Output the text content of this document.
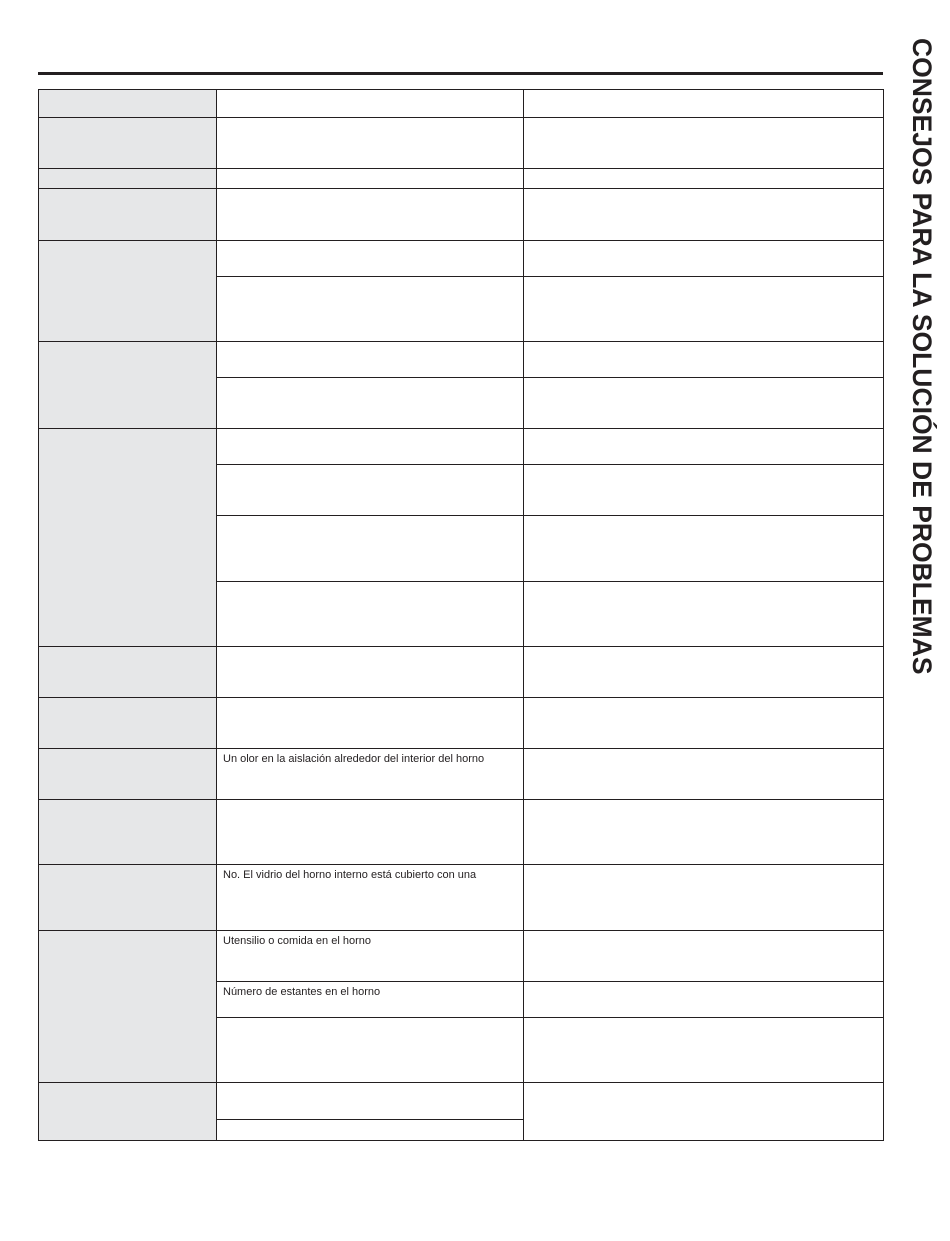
CONSEJOS PARA LA SOLUCIÓN DE PROBLEMAS

	Un olor en la aislación alrededor del interior del horno	

	No. El vidrio del horno interno está cubierto con una	
	Utensilio o comida en el horno	
	Número de estantes en el horno	
